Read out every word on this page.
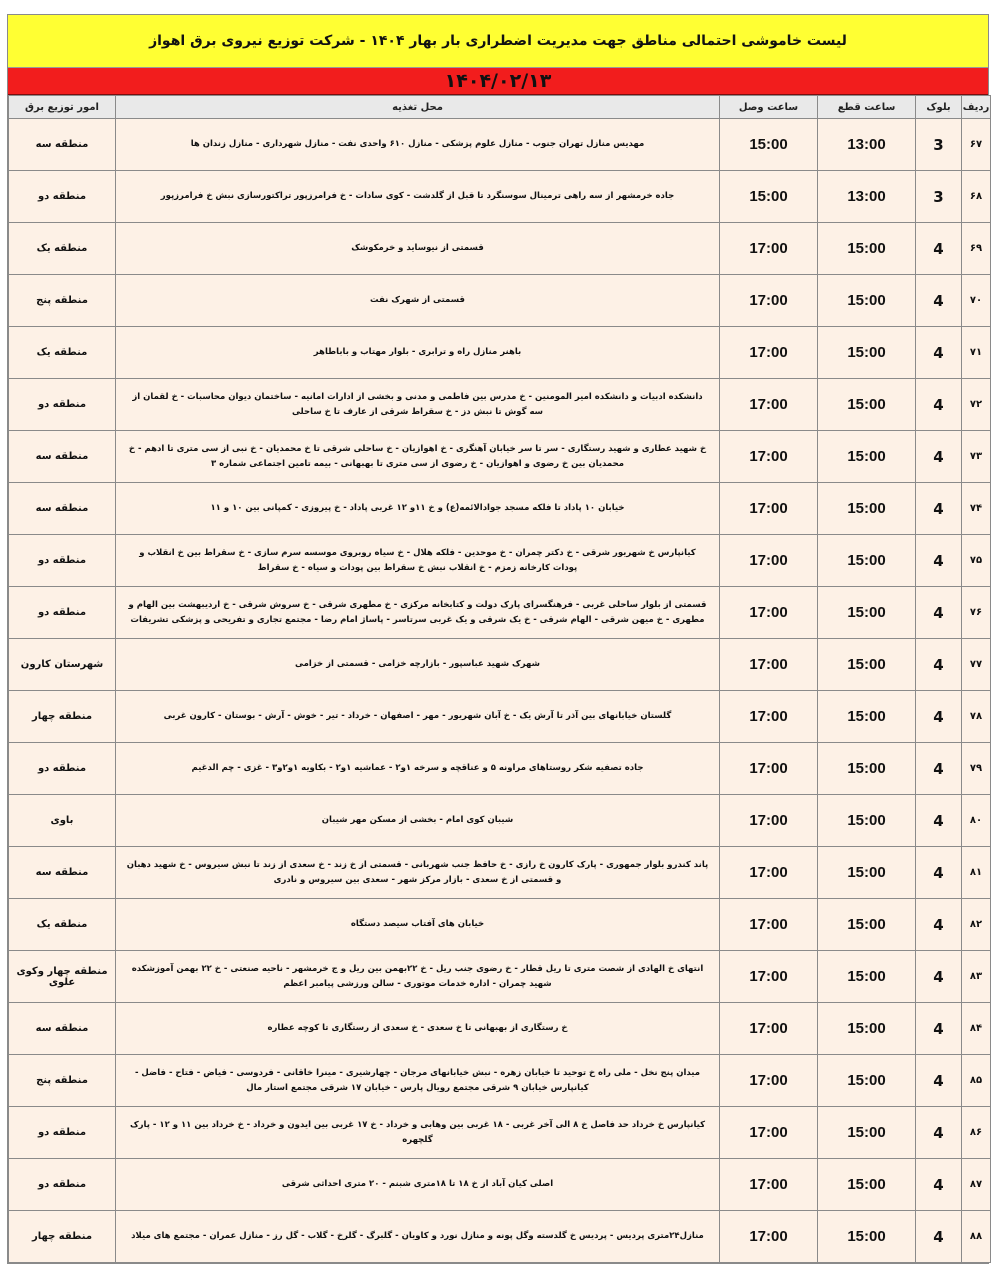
لیست خاموشی احتمالی مناطق جهت مدیریت اضطراری بار بهار ۱۴۰۴ - شرکت توزیع نیروی برق اهواز
۱۴۰۴/۰۲/۱۳
ردیف	بلوک	ساعت قطع	ساعت وصل	محل تغذیه	امور توزیع برق
۶۷	3	13:00	15:00	مهدیس منازل تهران جنوب - منازل علوم پزشکی - منازل ۶۱۰ واحدی نفت - منازل شهرداری - منازل زندان ها	منطقه سه
۶۸	3	13:00	15:00	جاده خرمشهر از سه راهی ترمینال سوسنگرد تا قبل از گلدشت - کوی سادات - خ فرامرزپور تراکتورسازی نبش خ فرامرزپور	منطقه دو
۶۹	4	15:00	17:00	قسمتی از نیوساید و خرمکوشک	منطقه یک
۷۰	4	15:00	17:00	قسمتی از شهرک نفت	منطقه پنج
۷۱	4	15:00	17:00	باهنر منازل راه و ترابری - بلوار مهتاب و باباطاهر	منطقه یک
۷۲	4	15:00	17:00	دانشکده ادبیات و دانشکده امیر المومنین - خ مدرس بین فاطمی و مدنی و بخشی از ادارات امانیه - ساختمان دیوان محاسبات - خ لقمان از سه گوش تا نبش دز - خ سقراط شرقی از عارف تا خ ساحلی	منطقه دو
۷۳	4	15:00	17:00	خ شهید عطاری و شهید رستگاری - سر تا سر خیابان آهنگری - خ اهوازیان - خ ساحلی شرقی تا خ محمدیان - خ نبی از سی متری تا ادهم - خ محمدیان بین خ رضوی و اهوازیان - خ رضوی از سی متری تا بهبهانی - بیمه تامین اجتماعی شماره ۳	منطقه سه
۷۴	4	15:00	17:00	خیابان ۱۰ پاداد تا فلکه مسجد جوادالائمه(ع) و خ ۱۱و ۱۲ غربی پاداد - خ پیروزی - کمپانی بین ۱۰ و ۱۱	منطقه سه
۷۵	4	15:00	17:00	کیانپارس خ شهریور شرقی - خ دکتر چمران - خ موحدین - فلکه هلال - خ سیاه روبروی موسسه سرم سازی - خ سقراط بین خ انقلاب و پودات کارخانه زمزم - خ انقلاب نبش خ سقراط بین پودات و سیاه - خ سقراط	منطقه دو
۷۶	4	15:00	17:00	قسمتی از بلوار ساحلی غربی - فرهنگسرای پارک دولت و کتابخانه مرکزی - خ مطهری شرقی - خ سروش شرقی - خ اردیبهشت بین الهام و مطهری - خ میهن شرقی - الهام شرقی - خ یک شرقی و یک غربی سرتاسر - پاساژ امام رضا - مجتمع تجاری و تفریحی و پزشکی تشریفات	منطقه دو
۷۷	4	15:00	17:00	شهرک شهید عباسپور - بازارچه خزامی - قسمتی از خزامی	شهرستان کارون
۷۸	4	15:00	17:00	گلستان خیابانهای بین آذر تا آرش یک - خ آبان شهریور - مهر - اصفهان - خرداد - تیر - خوش - آرش - بوستان - کارون غربی	منطقه چهار
۷۹	4	15:00	17:00	جاده تصفیه شکر روستاهای مراونه ۵ و عناقچه و سرخه ۱و۲ - عماشیه ۱و۲ - بکاویه ۱و۲و۳ - غزی - چم الدغیم	منطقه دو
۸۰	4	15:00	17:00	شیبان کوی امام - بخشی از مسکن مهر شیبان	باوی
۸۱	4	15:00	17:00	پاند کندرو بلوار جمهوری - پارک کارون خ رازی - خ حافظ جنب شهربانی - قسمتی از خ زند - خ سعدی از زند تا نبش سیروس - خ شهید دهبان و قسمتی از خ سعدی - بازار مرکز شهر - سعدی بین سیروس و نادری	منطقه سه
۸۲	4	15:00	17:00	خیابان های آفتاب سیصد دستگاه	منطقه یک
۸۳	4	15:00	17:00	انتهای خ الهادی از شصت متری تا ریل قطار - خ رضوی جنب ریل - خ ۲۲بهمن بین ریل و ج خرمشهر - ناحیه صنعتی - خ ۲۲ بهمن آموزشکده شهید چمران - اداره خدمات موتوری - سالن ورزشی پیامبر اعظم	منطقه چهار وکوی علوی
۸۴	4	15:00	17:00	خ رستگاری از بهبهانی تا خ سعدی - خ سعدی از رستگاری تا کوچه عطاره	منطقه سه
۸۵	4	15:00	17:00	میدان پنج نخل - ملی راه خ توحید تا خیابان زهره - نبش خیابانهای مرجان - چهارشیری - مینرا خاقانی - فردوسی - فیاض - فتاح - فاضل - کیانپارس خیابان ۹ شرقی مجتمع رویال پارس - خیابان ۱۷ شرقی مجتمع استار مال	منطقه پنج
۸۶	4	15:00	17:00	کیانپارس خ خرداد حد فاصل خ ۸ الی آخر غربی - ۱۸ غربی بین وهابی و خرداد - خ ۱۷ غربی بین ایدون و خرداد - خ خرداد بین ۱۱ و ۱۲ - پارک گلچهره	منطقه دو
۸۷	4	15:00	17:00	اصلی کیان آباد از خ ۱۸ تا ۱۸متری شبنم - ۲۰ متری احداثی شرقی	منطقه دو
۸۸	4	15:00	17:00	منازل۲۴متری پردیس - پردیس خ گلدسته وگل پونه و منازل نورد و کاویان - گلبرگ - گلرخ - گلاب - گل رز - منازل عمران - مجتمع های میلاد	منطقه چهار
